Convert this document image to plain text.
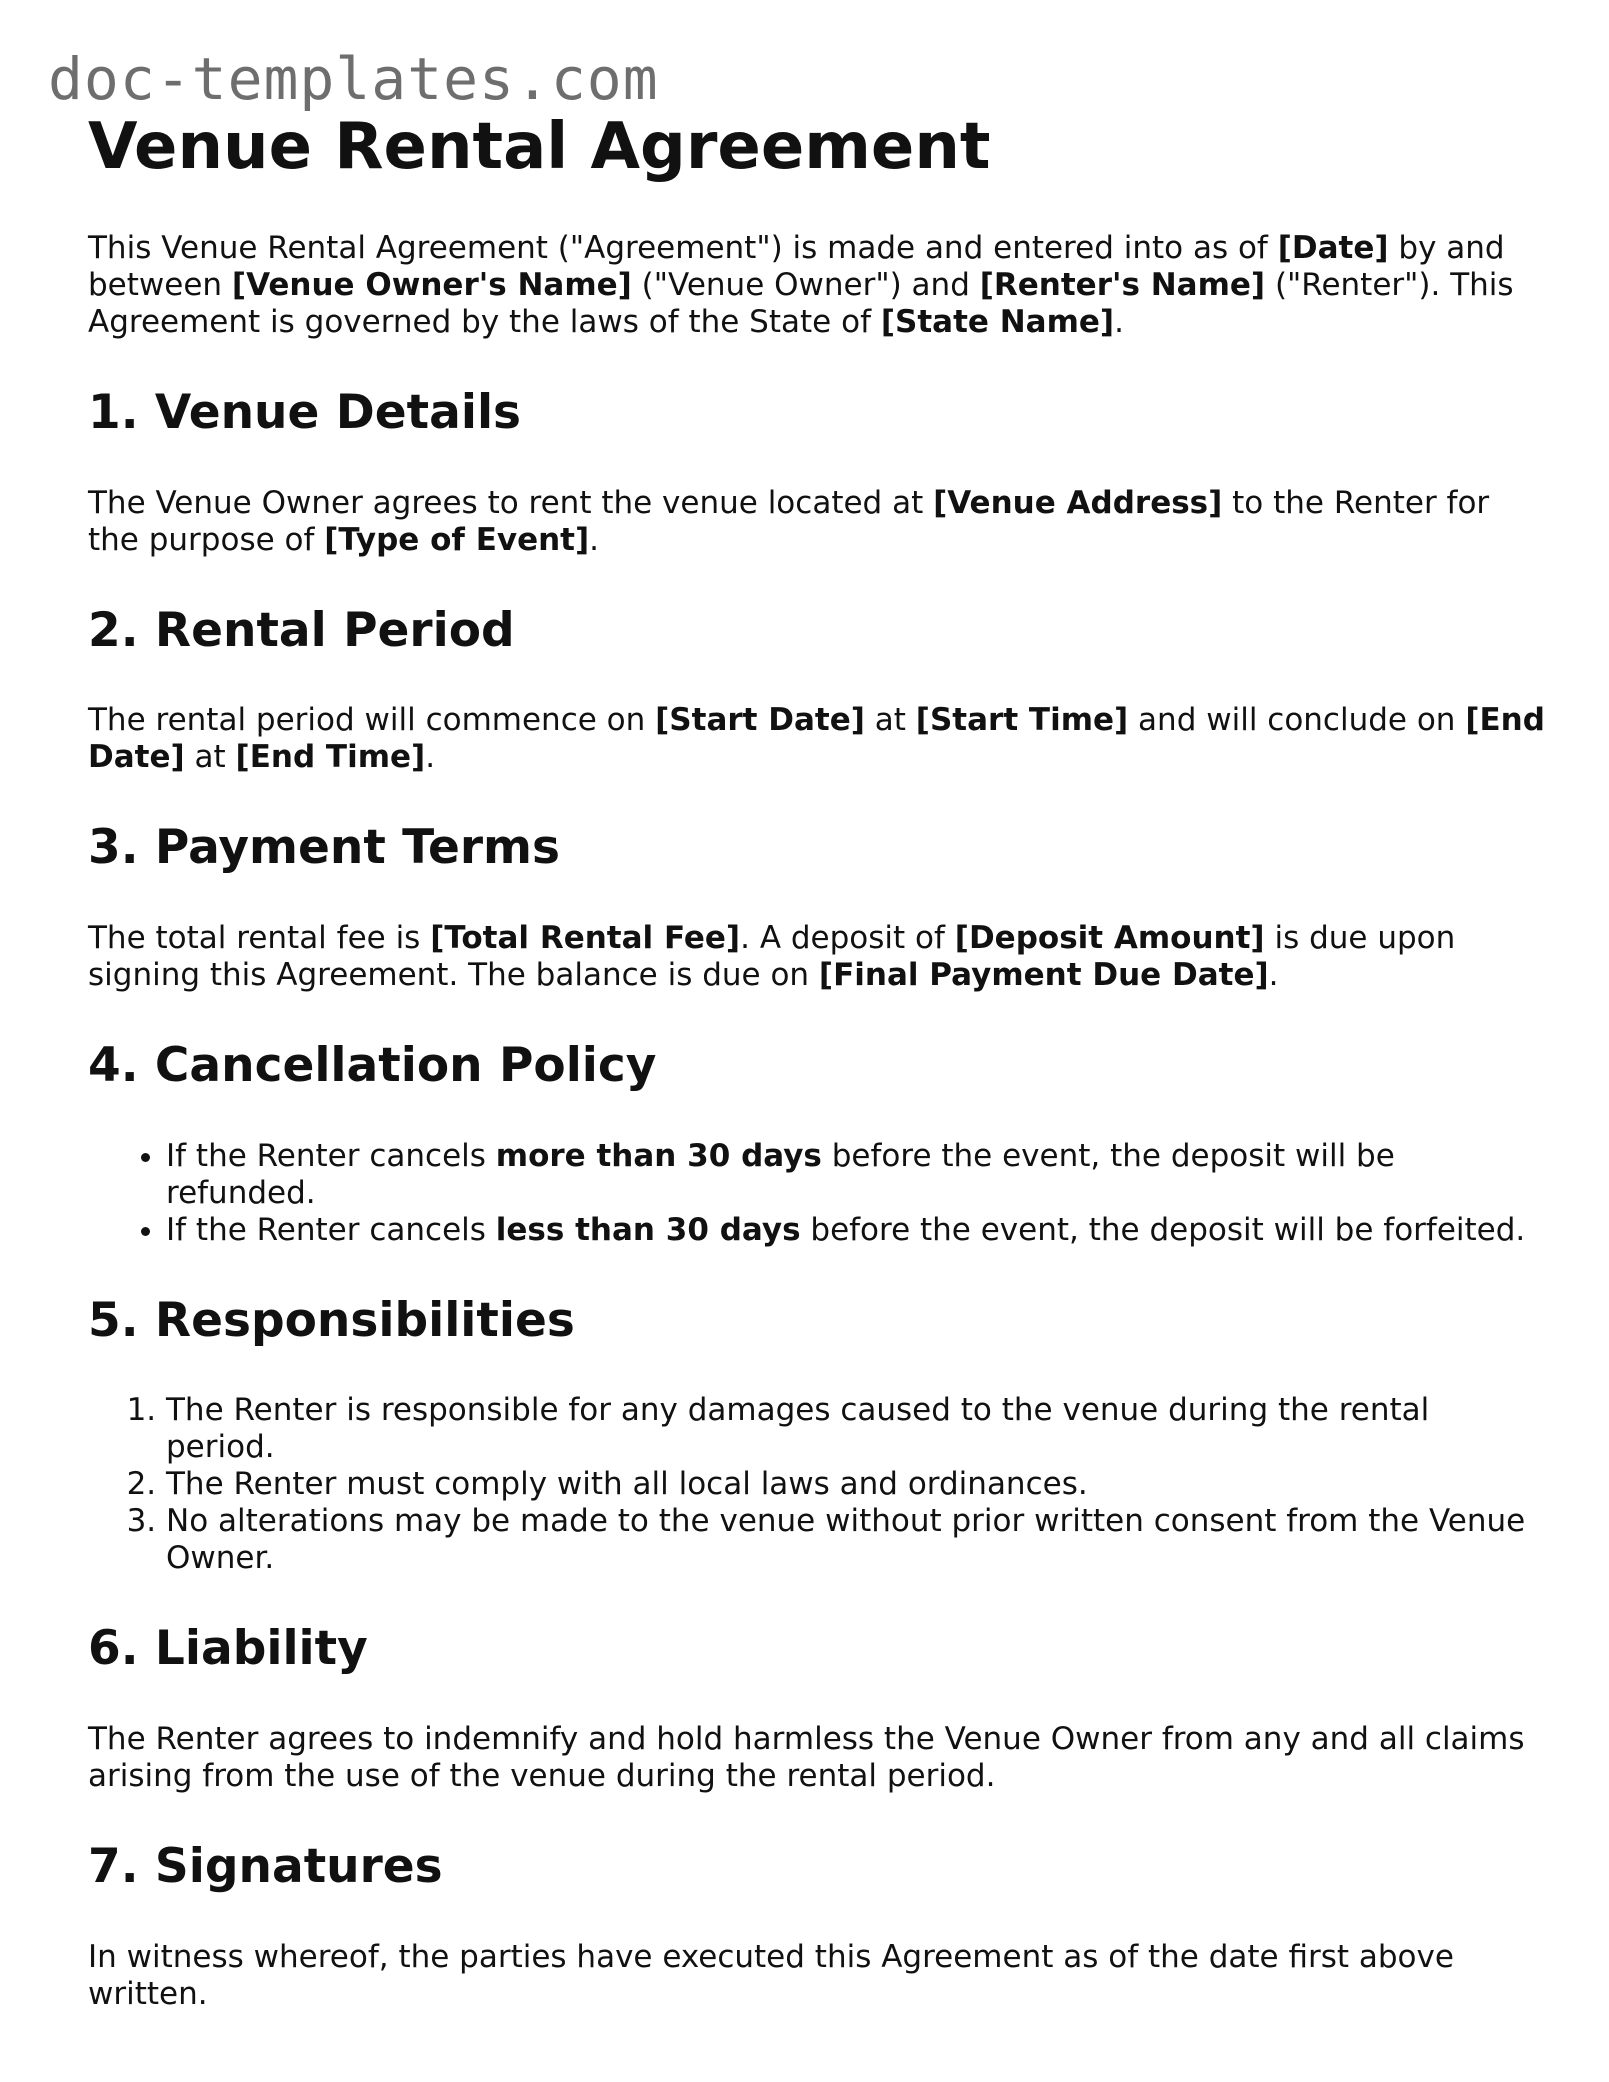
doc-templates.com
Venue Rental Agreement

This Venue Rental Agreement ("Agreement") is made and entered into as of [Date] by and between [Venue Owner's Name] ("Venue Owner") and [Renter's Name] ("Renter"). This Agreement is governed by the laws of the State of [State Name].

1. Venue Details

The Venue Owner agrees to rent the venue located at [Venue Address] to the Renter for the purpose of [Type of Event].

2. Rental Period

The rental period will commence on [Start Date] at [Start Time] and will conclude on [End Date] at [End Time].

3. Payment Terms

The total rental fee is [Total Rental Fee]. A deposit of [Deposit Amount] is due upon signing this Agreement. The balance is due on [Final Payment Due Date].

4. Cancellation Policy
• If the Renter cancels more than 30 days before the event, the deposit will be refunded.
• If the Renter cancels less than 30 days before the event, the deposit will be forfeited.
5. Responsibilities
1. The Renter is responsible for any damages caused to the venue during the rental period.
2. The Renter must comply with all local laws and ordinances.
3. No alterations may be made to the venue without prior written consent from the Venue Owner.
6. Liability

The Renter agrees to indemnify and hold harmless the Venue Owner from any and all claims arising from the use of the venue during the rental period.

7. Signatures

In witness whereof, the parties have executed this Agreement as of the date first above written.
